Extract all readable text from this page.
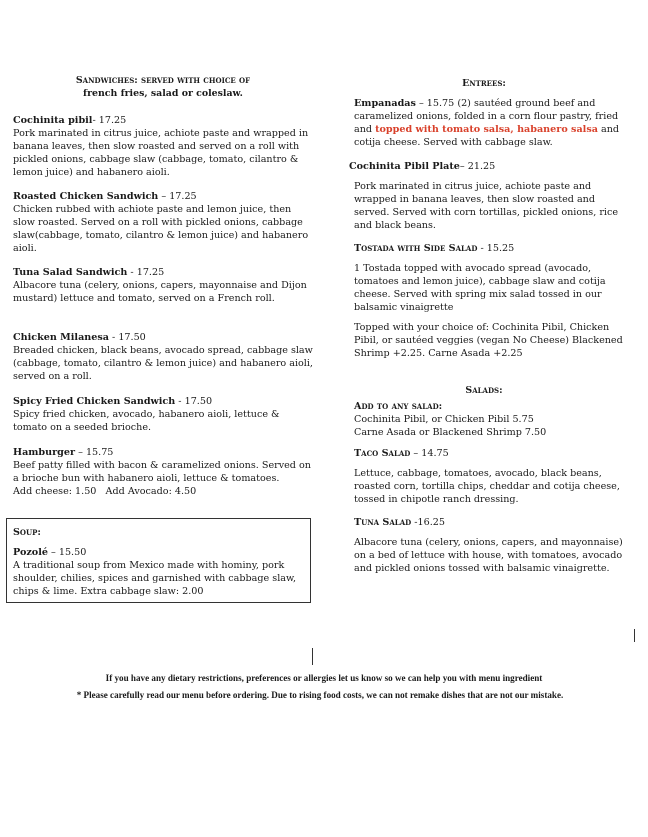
Sandwiches: served with choice of
french fries, salad or coleslaw.
Cochinita pibil- 17.25

Pork marinated in citrus juice, achiote paste and wrapped in banana leaves, then slow roasted and served on a roll with pickled onions, cabbage slaw (cabbage, tomato, cilantro & lemon juice) and habanero aioli.

Roasted Chicken Sandwich – 17.25

Chicken rubbed with achiote paste and lemon juice, then slow roasted. Served on a roll with pickled onions, cabbage slaw(cabbage, tomato, cilantro & lemon juice) and habanero aioli.

Tuna Salad Sandwich - 17.25

Albacore tuna (celery, onions, capers, mayonnaise and Dijon mustard) lettuce and tomato, served on a French roll.

Chicken Milanesa - 17.50

Breaded chicken, black beans, avocado spread, cabbage slaw (cabbage, tomato, cilantro & lemon juice) and habanero aioli, served on a roll.

Spicy Fried Chicken Sandwich - 17.50

Spicy fried chicken, avocado, habanero aioli, lettuce & tomato on a seeded brioche.

Hamburger – 15.75

Beef patty filled with bacon & caramelized onions. Served on a brioche bun with habanero aioli, lettuce & tomatoes.       Add cheese: 1.50   Add Avocado: 4.50

Soup:
Pozolé – 15.50

A traditional soup from Mexico made with hominy, pork shoulder, chilies, spices and garnished with cabbage slaw, chips & lime. Extra cabbage slaw: 2.00

Entrees:

Empanadas – 15.75 (2) sautéed ground beef and caramelized onions, folded in a corn flour pastry, fried and topped with tomato salsa, habanero salsa and cotija cheese. Served with cabbage slaw.

Cochinita Pibil Plate– 21.25

Pork marinated in citrus juice, achiote paste and wrapped in banana leaves, then slow roasted and served. Served with corn tortillas, pickled onions, rice and black beans.

Tostada with Side Salad - 15.25

1 Tostada topped with avocado spread (avocado, tomatoes and lemon juice), cabbage slaw and cotija cheese. Served with spring mix salad tossed in our balsamic vinaigrette

Topped with your choice of: Cochinita Pibil, Chicken Pibil, or sautéed veggies (vegan No Cheese) Blackened Shrimp +2.25. Carne Asada +2.25

Salads:
Add to any salad:
Cochinita Pibil, or Chicken Pibil 5.75
Carne Asada or Blackened Shrimp 7.50
Taco Salad – 14.75

Lettuce, cabbage, tomatoes, avocado, black beans, roasted corn, tortilla chips, cheddar and cotija cheese, tossed in chipotle ranch dressing.

Tuna Salad -16.25

Albacore tuna (celery, onions, capers, and mayonnaise) on a bed of lettuce with house, with tomatoes, avocado and pickled onions tossed with balsamic vinaigrette.

If you have any dietary restrictions, preferences or allergies let us know so we can help you with menu ingredient
* Please carefully read our menu before ordering. Due to rising food costs, we can not remake dishes that are not our mistake.
